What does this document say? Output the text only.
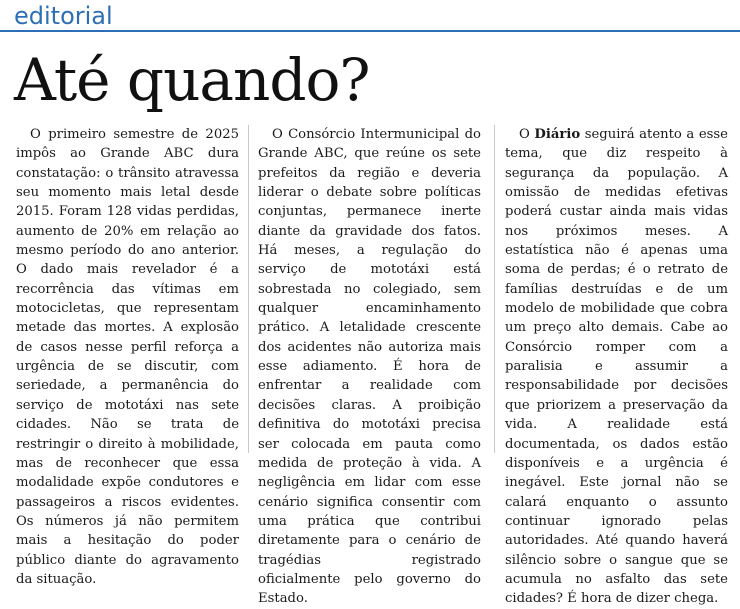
editorial
Até quando?

O primeiro semestre de 2025 impôs ao Grande ABC dura constatação: o trânsito atravessa seu momento mais letal desde 2015. Foram 128 vidas perdidas, aumento de 20% em relação ao mesmo período do ano anterior. O dado mais revelador é a recorrência das vítimas em motocicletas, que representam metade das mortes. A explosão de casos nesse perfil reforça a urgência de se discutir, com seriedade, a permanência do serviço de mototáxi nas sete cidades. Não se trata de restringir o direito à mobilidade, mas de reconhecer que essa modalidade expõe condutores e passageiros a riscos evidentes. Os números já não permitem mais a hesitação do poder público diante do agravamento da situação.

O Consórcio Intermunicipal do Grande ABC, que reúne os sete prefeitos da região e deveria liderar o debate sobre políticas conjuntas, permanece inerte diante da gravidade dos fatos. Há meses, a regulação do serviço de mototáxi está sobrestada no colegiado, sem qualquer encaminhamento prático. A letalidade crescente dos acidentes não autoriza mais esse adiamento. É hora de enfrentar a realidade com decisões claras. A proibição definitiva do mototáxi precisa ser colocada em pauta como medida de proteção à vida. A negligência em lidar com esse cenário significa consentir com uma prática que contribui diretamente para o cenário de tragédias registrado oficialmente pelo governo do Estado.

O Diário seguirá atento a esse tema, que diz respeito à segurança da população. A omissão de medidas efetivas poderá custar ainda mais vidas nos próximos meses. A estatística não é apenas uma soma de perdas; é o retrato de famílias destruídas e de um modelo de mobilidade que cobra um preço alto demais. Cabe ao Consórcio romper com a paralisia e assumir a responsabilidade por decisões que priorizem a preservação da vida. A realidade está documentada, os dados estão disponíveis e a urgência é inegável. Este jornal não se calará enquanto o assunto continuar ignorado pelas autoridades. Até quando haverá silêncio sobre o sangue que se acumula no asfalto das sete cidades? É hora de dizer chega.
